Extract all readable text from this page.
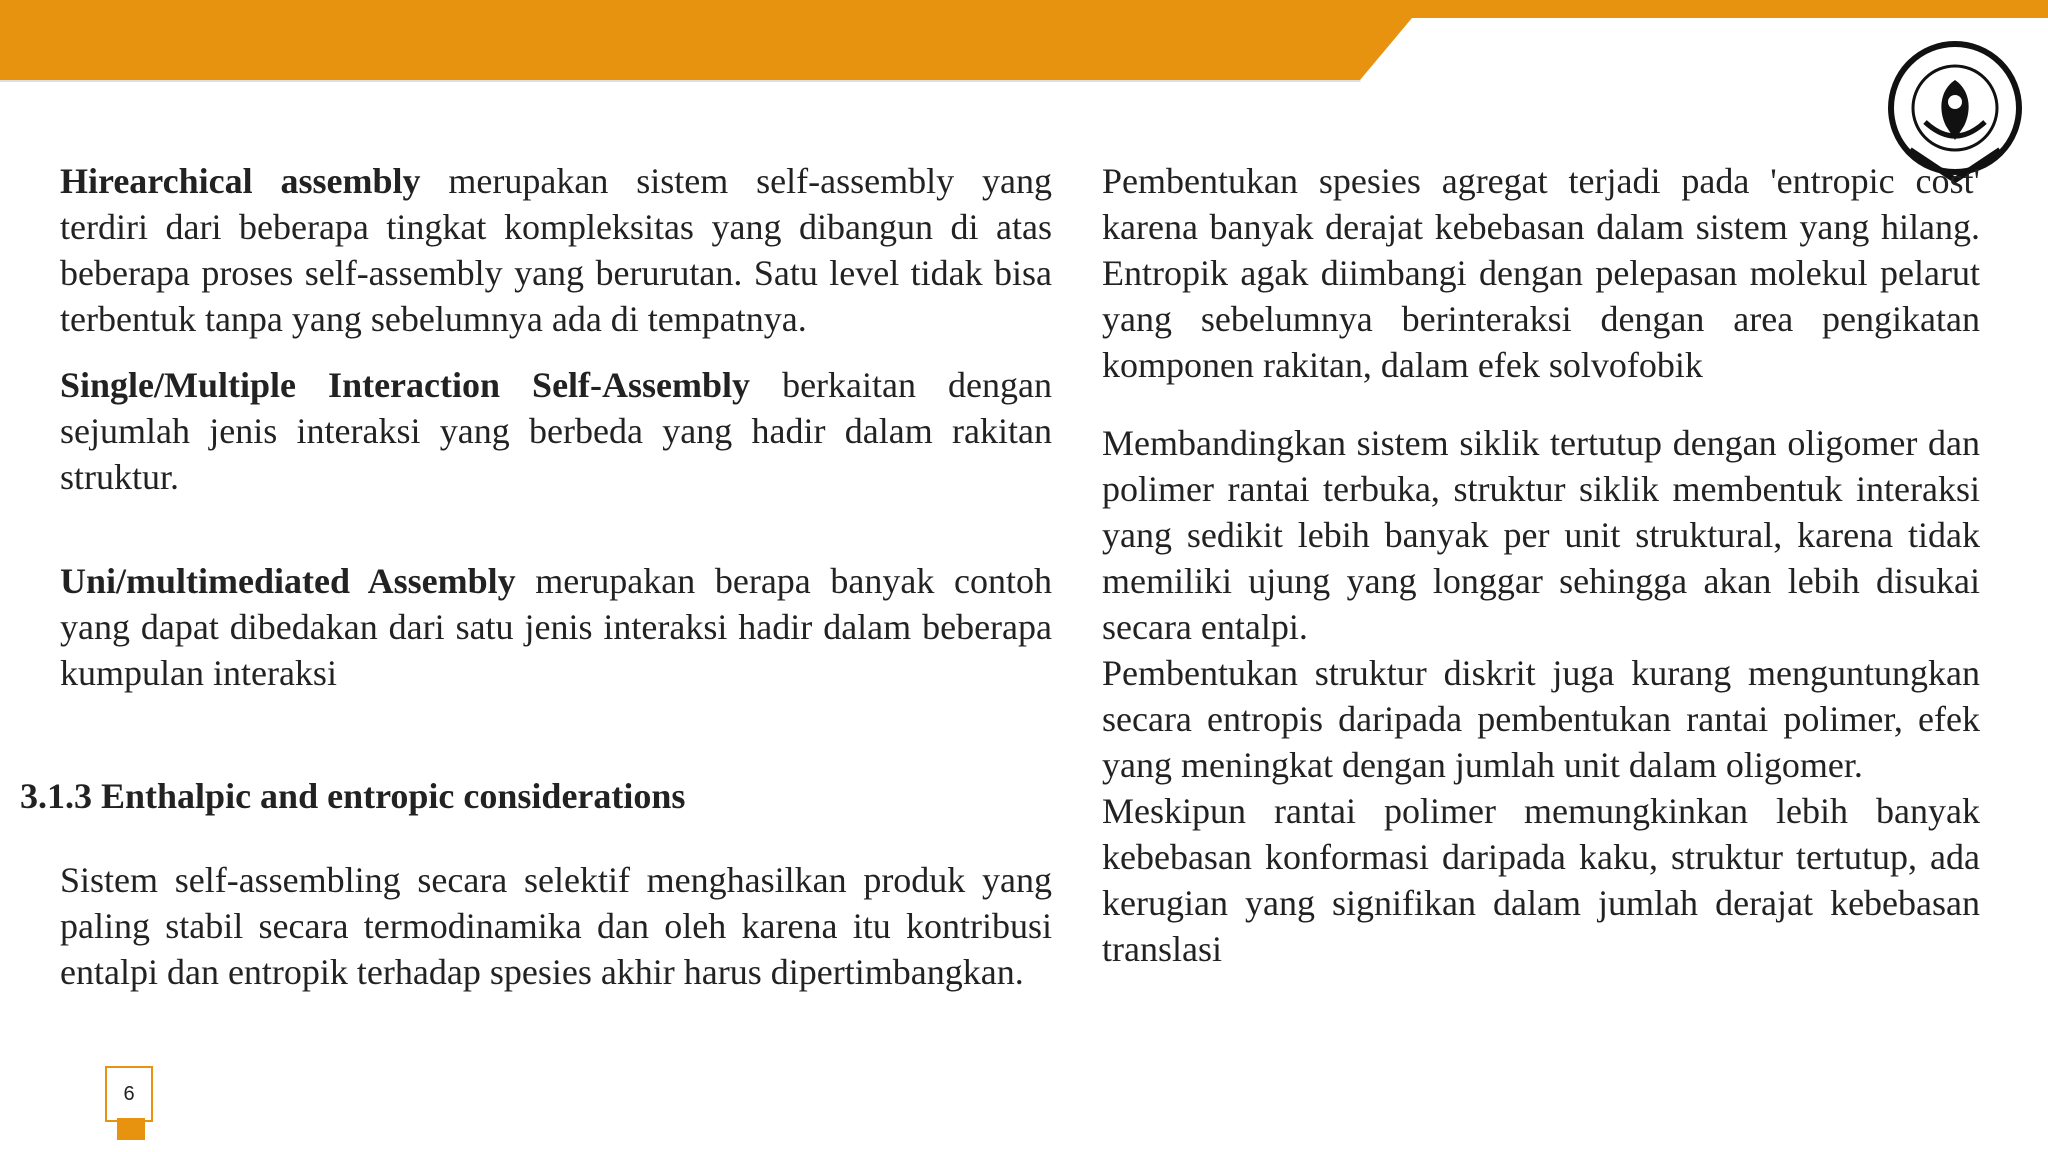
Hirearchical assembly merupakan sistem self-assembly yang terdiri dari beberapa tingkat kompleksitas yang dibangun di atas beberapa proses self-assembly yang berurutan. Satu level tidak bisa terbentuk tanpa yang sebelumnya ada di tempatnya.

Single/Multiple Interaction Self-Assembly berkaitan dengan sejumlah jenis interaksi yang berbeda yang hadir dalam rakitan struktur.

Uni/multimediated Assembly merupakan berapa banyak contoh yang dapat dibedakan dari satu jenis interaksi hadir dalam beberapa kumpulan interaksi

3.1.3 Enthalpic and entropic considerations

Sistem self-assembling secara selektif menghasilkan produk yang paling stabil secara termodinamika dan oleh karena itu kontribusi entalpi dan entropik terhadap spesies akhir harus dipertimbangkan.

Pembentukan spesies agregat terjadi pada 'entropic cost' karena banyak derajat kebebasan dalam sistem yang hilang. Entropik agak diimbangi dengan pelepasan molekul pelarut yang sebelumnya berinteraksi dengan area pengikatan komponen rakitan, dalam efek solvofobik

Membandingkan sistem siklik tertutup dengan oligomer dan polimer rantai terbuka, struktur siklik membentuk interaksi yang sedikit lebih banyak per unit struktural, karena tidak memiliki ujung yang longgar sehingga akan lebih disukai secara entalpi.

Pembentukan struktur diskrit juga kurang menguntungkan secara entropis daripada pembentukan rantai polimer, efek yang meningkat dengan jumlah unit dalam oligomer.

Meskipun rantai polimer memungkinkan lebih banyak kebebasan konformasi daripada kaku, struktur tertutup, ada kerugian yang signifikan dalam jumlah derajat kebebasan translasi

6
